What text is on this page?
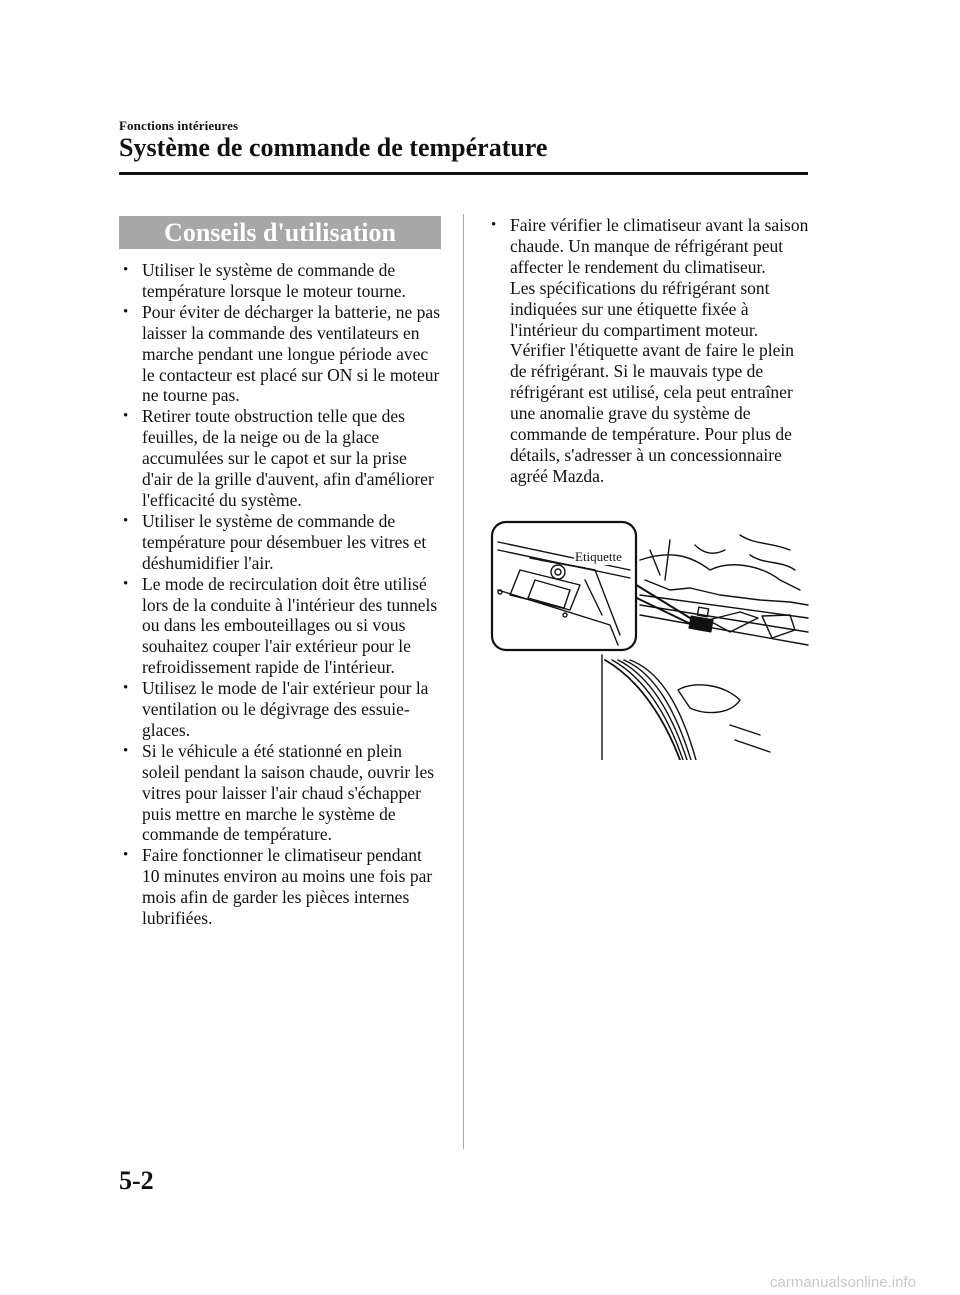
Fonctions intérieures
Système de commande de température
Conseils d'utilisation
• Utiliser le système de commande de température lorsque le moteur tourne.
• Pour éviter de décharger la batterie, ne pas laisser la commande des ventilateurs en marche pendant une longue période avec le contacteur est placé sur ON si le moteur ne tourne pas.
• Retirer toute obstruction telle que des feuilles, de la neige ou de la glace accumulées sur le capot et sur la prise d'air de la grille d'auvent, afin d'améliorer l'efficacité du système.
• Utiliser le système de commande de température pour désembuer les vitres et déshumidifier l'air.
• Le mode de recirculation doit être utilisé lors de la conduite à l'intérieur des tunnels ou dans les embouteillages ou si vous souhaitez couper l'air extérieur pour le refroidissement rapide de l'intérieur.
• Utilisez le mode de l'air extérieur pour la ventilation ou le dégivrage des essuie-glaces.
• Si le véhicule a été stationné en plein soleil pendant la saison chaude, ouvrir les vitres pour laisser l'air chaud s'échapper puis mettre en marche le système de commande de température.
• Faire fonctionner le climatiseur pendant 10 minutes environ au moins une fois par mois afin de garder les pièces internes lubrifiées.
• Faire vérifier le climatiseur avant la saison chaude. Un manque de réfrigérant peut affecter le rendement du climatiseur.
Les spécifications du réfrigérant sont indiquées sur une étiquette fixée à l'intérieur du compartiment moteur. Vérifier l'étiquette avant de faire le plein de réfrigérant. Si le mauvais type de réfrigérant est utilisé, cela peut entraîner une anomalie grave du système de commande de température. Pour plus de détails, s'adresser à un concessionnaire agréé Mazda.
Etiquette
5-2
carmanualsonline.info
